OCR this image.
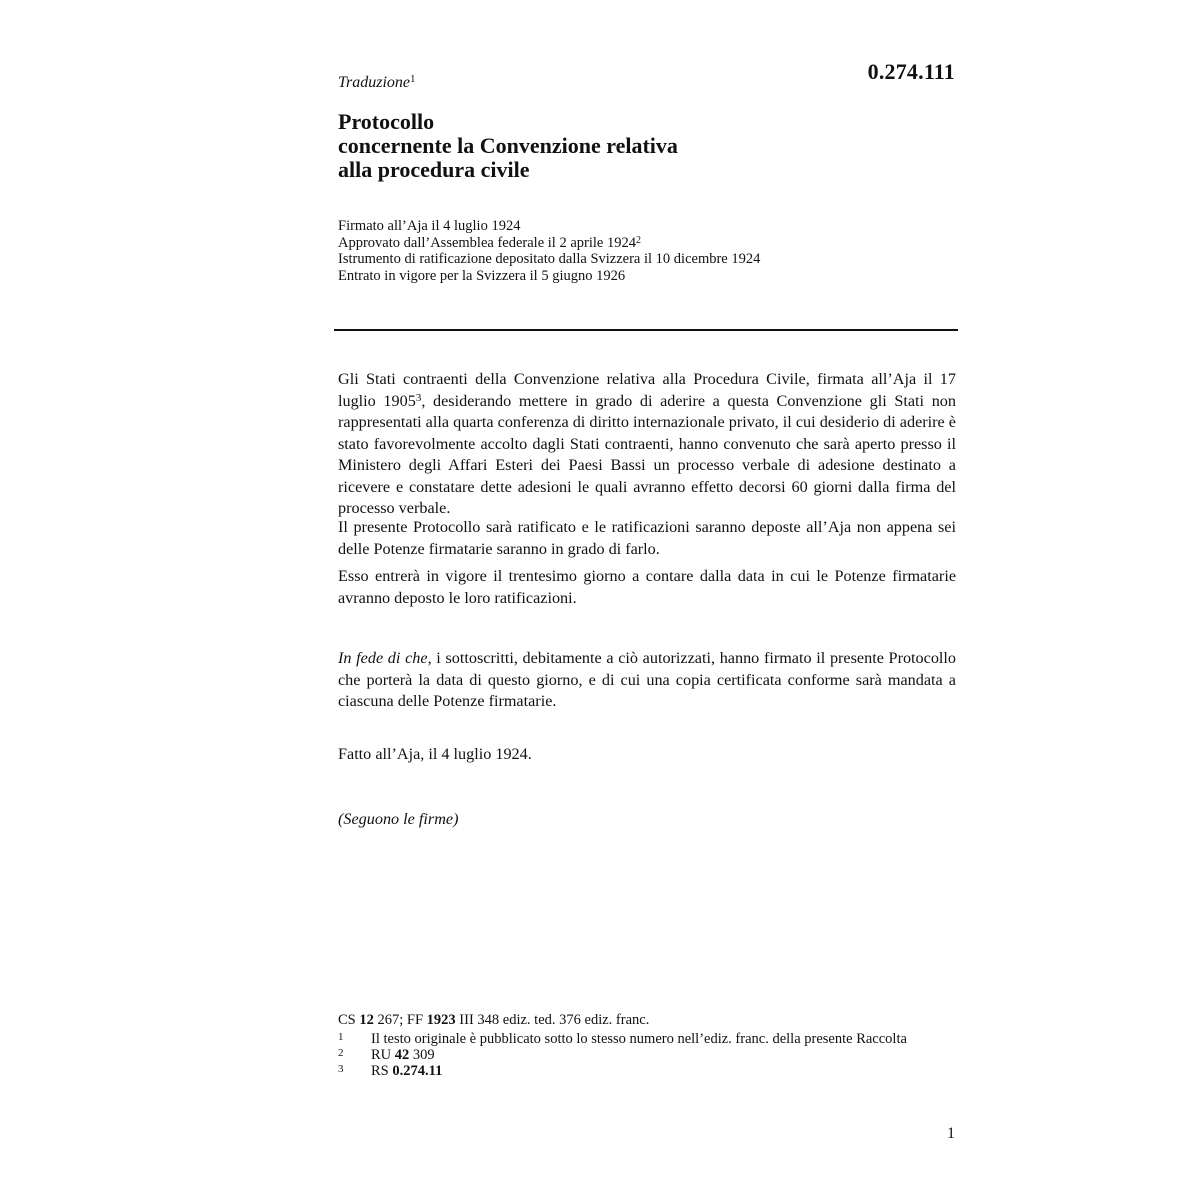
0.274.111
Traduzione$^1$
Protocollo
concernente la Convenzione relativa
alla procedura civile
Firmato all’Aja il 4 luglio 1924
Approvato dall’Assemblea federale il 2 aprile 1924$^2$
Istrumento di ratificazione depositato dalla Svizzera il 10 dicembre 1924
Entrato in vigore per la Svizzera il 5 giugno 1926

Gli Stati contraenti della Convenzione relativa alla Procedura Civile, firmata all’Aja il 17 luglio 1905$^3$, desiderando mettere in grado di aderire a questa Convenzione gli Stati non rappresentati alla quarta conferenza di diritto internazionale privato, il cui desiderio di aderire è stato favorevolmente accolto dagli Stati contraenti, hanno convenuto che sarà aperto presso il Ministero degli Affari Esteri dei Paesi Bassi un processo verbale di adesione destinato a ricevere e constatare dette adesioni le quali avranno effetto decorsi 60 giorni dalla firma del processo verbale.

Il presente Protocollo sarà ratificato e le ratificazioni saranno deposte all’Aja non appena sei delle Potenze firmatarie saranno in grado di farlo.

Esso entrerà in vigore il trentesimo giorno a contare dalla data in cui le Potenze firmatarie avranno deposto le loro ratificazioni.

In fede di che, i sottoscritti, debitamente a ciò autorizzati, hanno firmato il presente Protocollo che porterà la data di questo giorno, e di cui una copia certificata conforme sarà mandata a ciascuna delle Potenze firmatarie.

Fatto all’Aja, il 4 luglio 1924.
(Seguono le firme)
CS 12 267; FF 1923 III 348 ediz. ted. 376 ediz. franc.
1	Il testo originale è pubblicato sotto lo stesso numero nell’ediz. franc. della presente Raccolta
2	RU 42 309
3	RS 0.274.11
1
